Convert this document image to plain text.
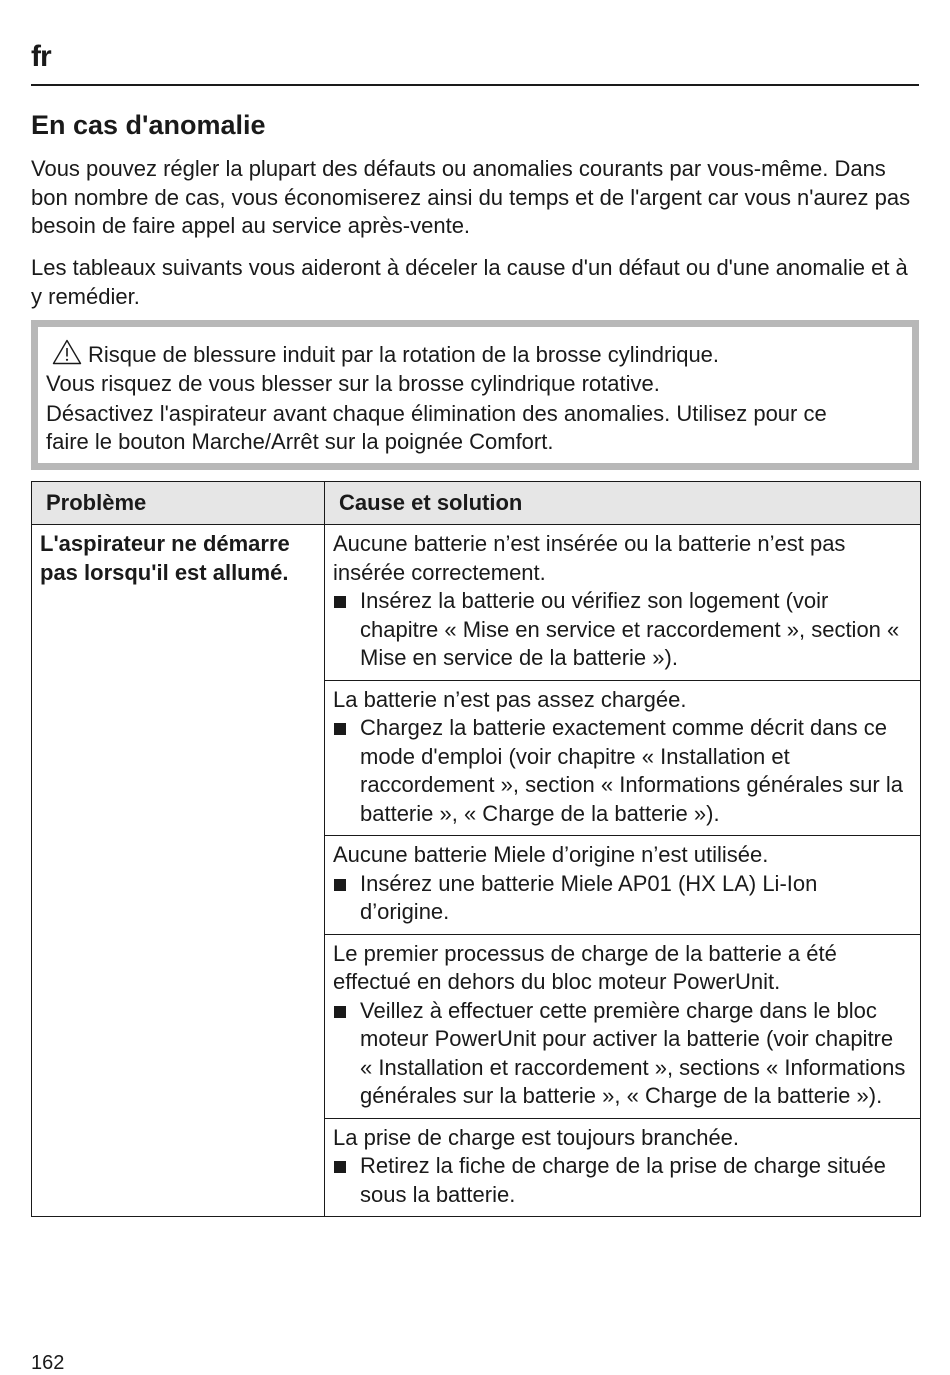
fr
En cas d'anomalie

Vous pouvez régler la plupart des défauts ou anomalies courants par vous-même. Dans bon nombre de cas, vous économiserez ainsi du temps et de l'argent car vous n'aurez pas besoin de faire appel au service après-vente.

Les tableaux suivants vous aideront à déceler la cause d'un défaut ou d'une anomalie et à y remédier.

Risque de blessure induit par la rotation de la brosse cylindrique.
Vous risquez de vous blesser sur la brosse cylindrique rotative.
Désactivez l'aspirateur avant chaque élimination des anomalies. Utilisez pour ce
faire le bouton Marche/Arrêt sur la poignée Comfort.
Problème	Cause et solution
L'aspirateur ne démarre pas lorsqu'il est allumé.	Aucune batterie n’est insérée ou la batterie n’est pas insérée correctement.
Insérez la batterie ou vérifiez son logement (voir chapitre « Mise en service et raccordement », section « Mise en service de la batterie »).

	La batterie n’est pas assez chargée.
Chargez la batterie exactement comme décrit dans ce mode d'emploi (voir chapitre « Installation et raccordement », section « Informations générales sur la batterie », « Charge de la batterie »).

	Aucune batterie Miele d’origine n’est utilisée.
Insérez une batterie Miele AP01 (HX LA) Li-Ion d’origine.

	Le premier processus de charge de la batterie a été effectué en dehors du bloc moteur PowerUnit.
Veillez à effectuer cette première charge dans le bloc moteur PowerUnit pour activer la batterie (voir chapitre « Installation et raccordement », sections « Informations générales sur la batterie », « Charge de la batterie »).

	La prise de charge est toujours branchée.
Retirez la fiche de charge de la prise de charge située sous la batterie.
162
